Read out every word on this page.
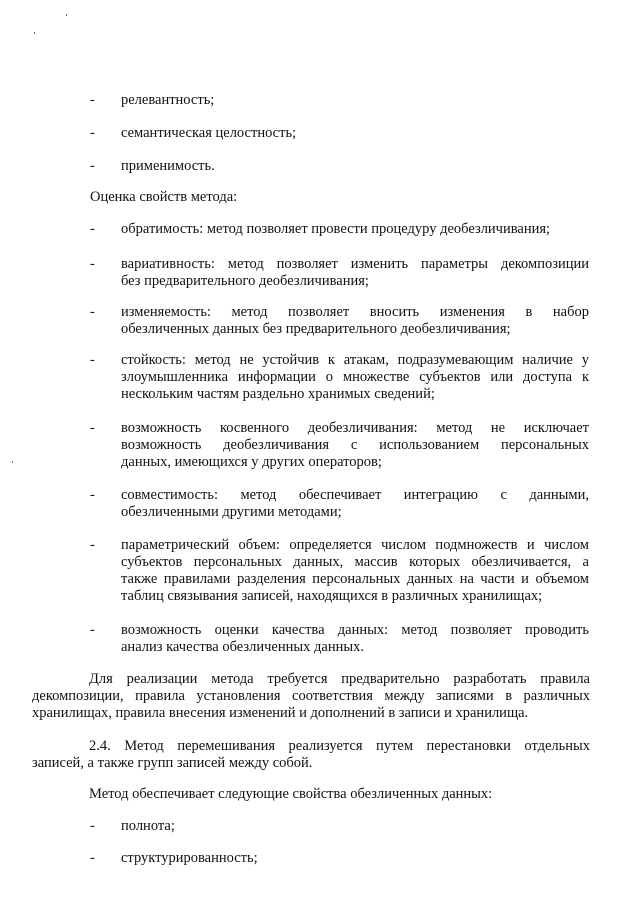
-	релевантность;
-	семантическая целостность;
-	применимость.
Оценка свойств метода:
-	обратимость: метод позволяет провести процедуру деобезличивания;
-	вариативность: метод позволяет изменить параметры декомпозиции
без предварительного деобезличивания;
-	изменяемость: метод позволяет вносить изменения в набор
обезличенных данных без предварительного деобезличивания;
-	стойкость: метод не устойчив к атакам, подразумевающим наличие у
злоумышленника информации о множестве субъектов или доступа к
нескольким частям раздельно хранимых сведений;
-	возможность косвенного деобезличивания: метод не исключает
возможность деобезличивания с использованием персональных
данных, имеющихся у других операторов;
-	совместимость: метод обеспечивает интеграцию с данными,
обезличенными другими методами;
-	параметрический объем: определяется числом подмножеств и числом
субъектов персональных данных, массив которых обезличивается, а
также правилами разделения персональных данных на части и объемом
таблиц связывания записей, находящихся в различных хранилищах;
-	возможность оценки качества данных: метод позволяет проводить
анализ качества обезличенных данных.
Для реализации метода требуется предварительно разработать правила
декомпозиции, правила установления соответствия между записями в различных
хранилищах, правила внесения изменений и дополнений в записи и хранилища.
2.4. Метод перемешивания реализуется путем перестановки отдельных
записей, а также групп записей между собой.
Метод обеспечивает следующие свойства обезличенных данных:
-	полнота;
-	структурированность;
